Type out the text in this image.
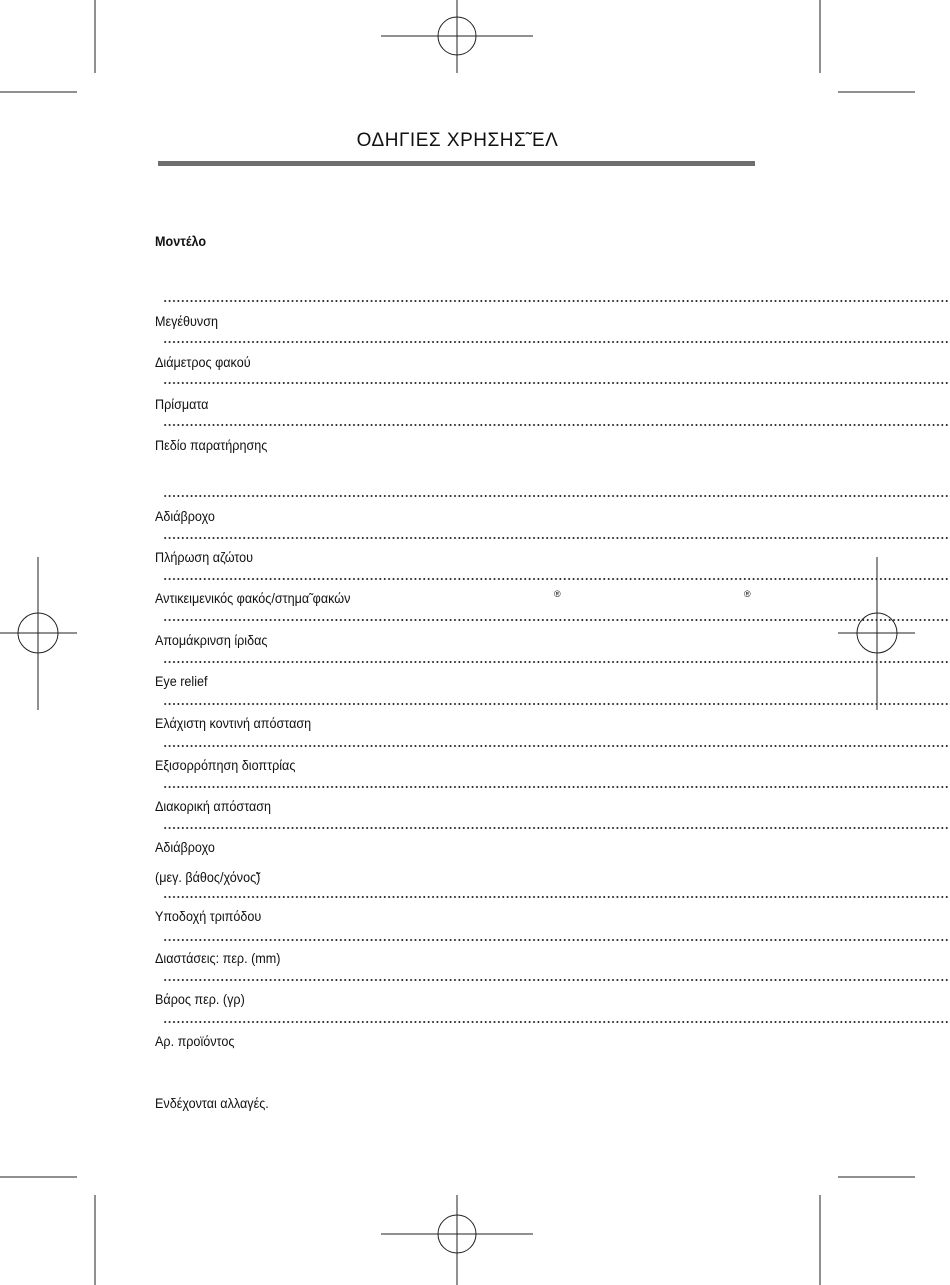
ΟΔΗΓΙΕΣ ΧΡΗΣΗΣ̃ ΕΛ
Μοντέλο
Μεγέθυνση
Διάμετρος φακού
Πρίσματα
Πεδίο παρατήρησης
Αδιάβροχο
Πλήρωση αζώτου
Αντικειμενικός φακός/στημα̃ φακών	®	®
Απομάκρινση ίριδας
Eye relief
Ελάχιστη κοντινή απόσταση
Εξισορρόπηση διοπτρίας
Διακορική απόσταση
Αδιάβροχο
(μεγ. βάθος/χόνος̃)
Υποδοχή τριπόδου
Διαστάσεις: περ. (mm)
Βάρος περ. (γρ)
Αρ. προϊόντος
Ενδέχονται αλλαγές.
